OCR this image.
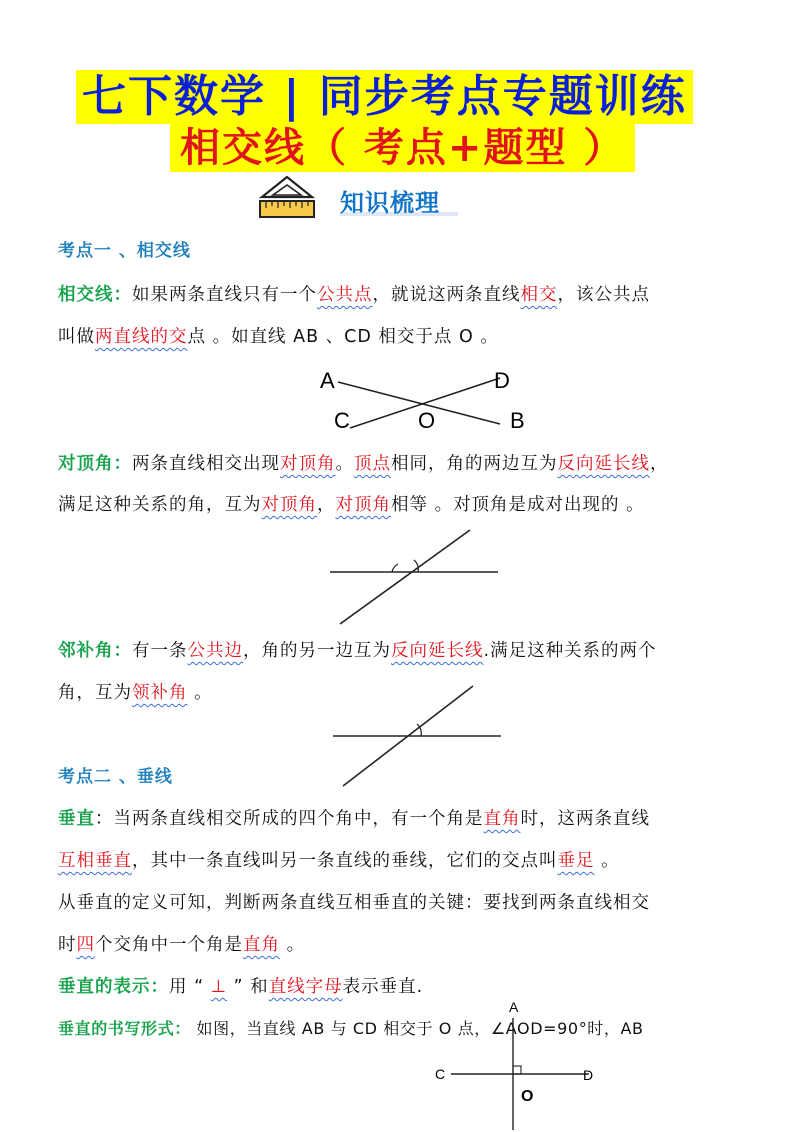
七下数学 | 同步考点专题训练
相交线（ 考点+题型 ）
知识梳理
考点一 、相交线
相交线：如果两条直线只有一个公共点，就说这两条直线相交，该公共点
叫做两直线的交点 。如直线 AB 、CD 相交于点 O 。
A	D
C	O	B
对顶角：两条直线相交出现对顶角。顶点相同，角的两边互为反向延长线，
满足这种关系的角，互为对顶角，对顶角相等 。对顶角是成对出现的 。
邻补角：有一条公共边，角的另一边互为反向延长线.满足这种关系的两个
角，互为领补角 。
考点二 、垂线
垂直：当两条直线相交所成的四个角中，有一个角是直角时，这两条直线
互相垂直，其中一条直线叫另一条直线的垂线，它们的交点叫垂足 。
从垂直的定义可知，判断两条直线互相垂直的关键：要找到两条直线相交
时四个交角中一个角是直角 。
垂直的表示：用 “ ⊥ ” 和直线字母表示垂直.
垂直的书写形式： 如图，当直线 AB 与 CD 相交于 O 点，∠AOD=90°时，AB
A
C	D
O
